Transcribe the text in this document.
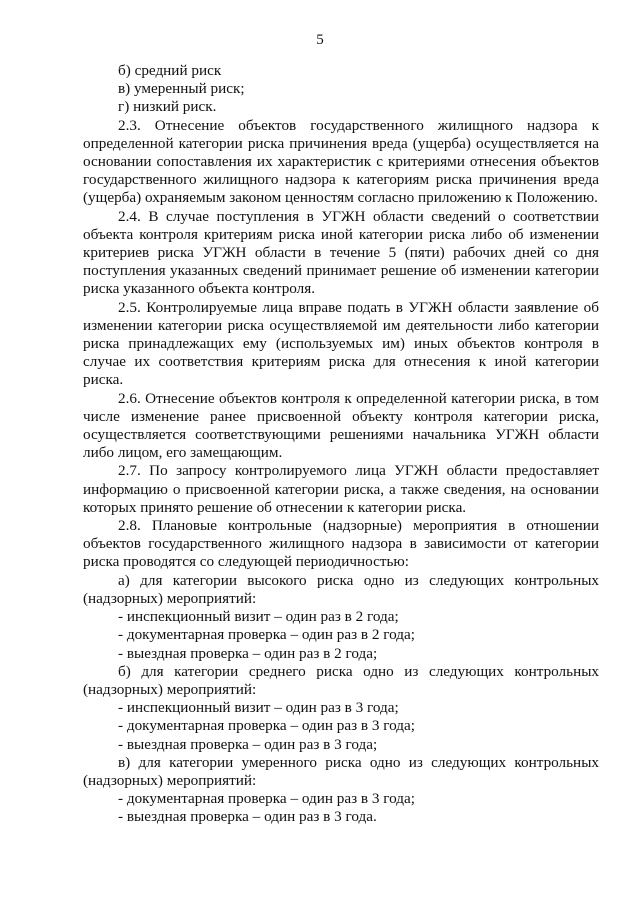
5

б) средний риск

в) умеренный риск;

г) низкий риск.

2.3. Отнесение объектов государственного жилищного надзора к определенной категории риска причинения вреда (ущерба) осуществляется на основании сопоставления их характеристик с критериями отнесения объектов государственного жилищного надзора к категориям риска причинения вреда (ущерба) охраняемым законом ценностям согласно приложению к Положению.

2.4. В случае поступления в УГЖН области сведений о соответствии объекта контроля критериям риска иной категории риска либо об изменении критериев риска УГЖН области в течение 5 (пяти) рабочих дней со дня поступления указанных сведений принимает решение об изменении категории риска указанного объекта контроля.

2.5. Контролируемые лица вправе подать в УГЖН области заявление об изменении категории риска осуществляемой им деятельности либо категории риска принадлежащих ему (используемых им) иных объектов контроля в случае их соответствия критериям риска для отнесения к иной категории риска.

2.6. Отнесение объектов контроля к определенной категории риска, в том числе изменение ранее присвоенной объекту контроля категории риска, осуществляется соответствующими решениями начальника УГЖН области либо лицом, его замещающим.

2.7. По запросу контролируемого лица УГЖН области предоставляет информацию о присвоенной категории риска, а также сведения, на основании которых принято решение об отнесении к категории риска.

2.8. Плановые контрольные (надзорные) мероприятия в отношении объектов государственного жилищного надзора в зависимости от категории риска проводятся со следующей периодичностью:

а) для категории высокого риска одно из следующих контрольных (надзорных) мероприятий:

- инспекционный визит – один раз в 2 года;

- документарная проверка – один раз в 2 года;

- выездная проверка – один раз в 2 года;

б) для категории среднего риска одно из следующих контрольных (надзорных) мероприятий:

- инспекционный визит – один раз в 3 года;

- документарная проверка – один раз в 3 года;

- выездная проверка – один раз в 3 года;

в) для категории умеренного риска одно из следующих контрольных (надзорных) мероприятий:

- документарная проверка – один раз в 3 года;

- выездная проверка – один раз в 3 года.
